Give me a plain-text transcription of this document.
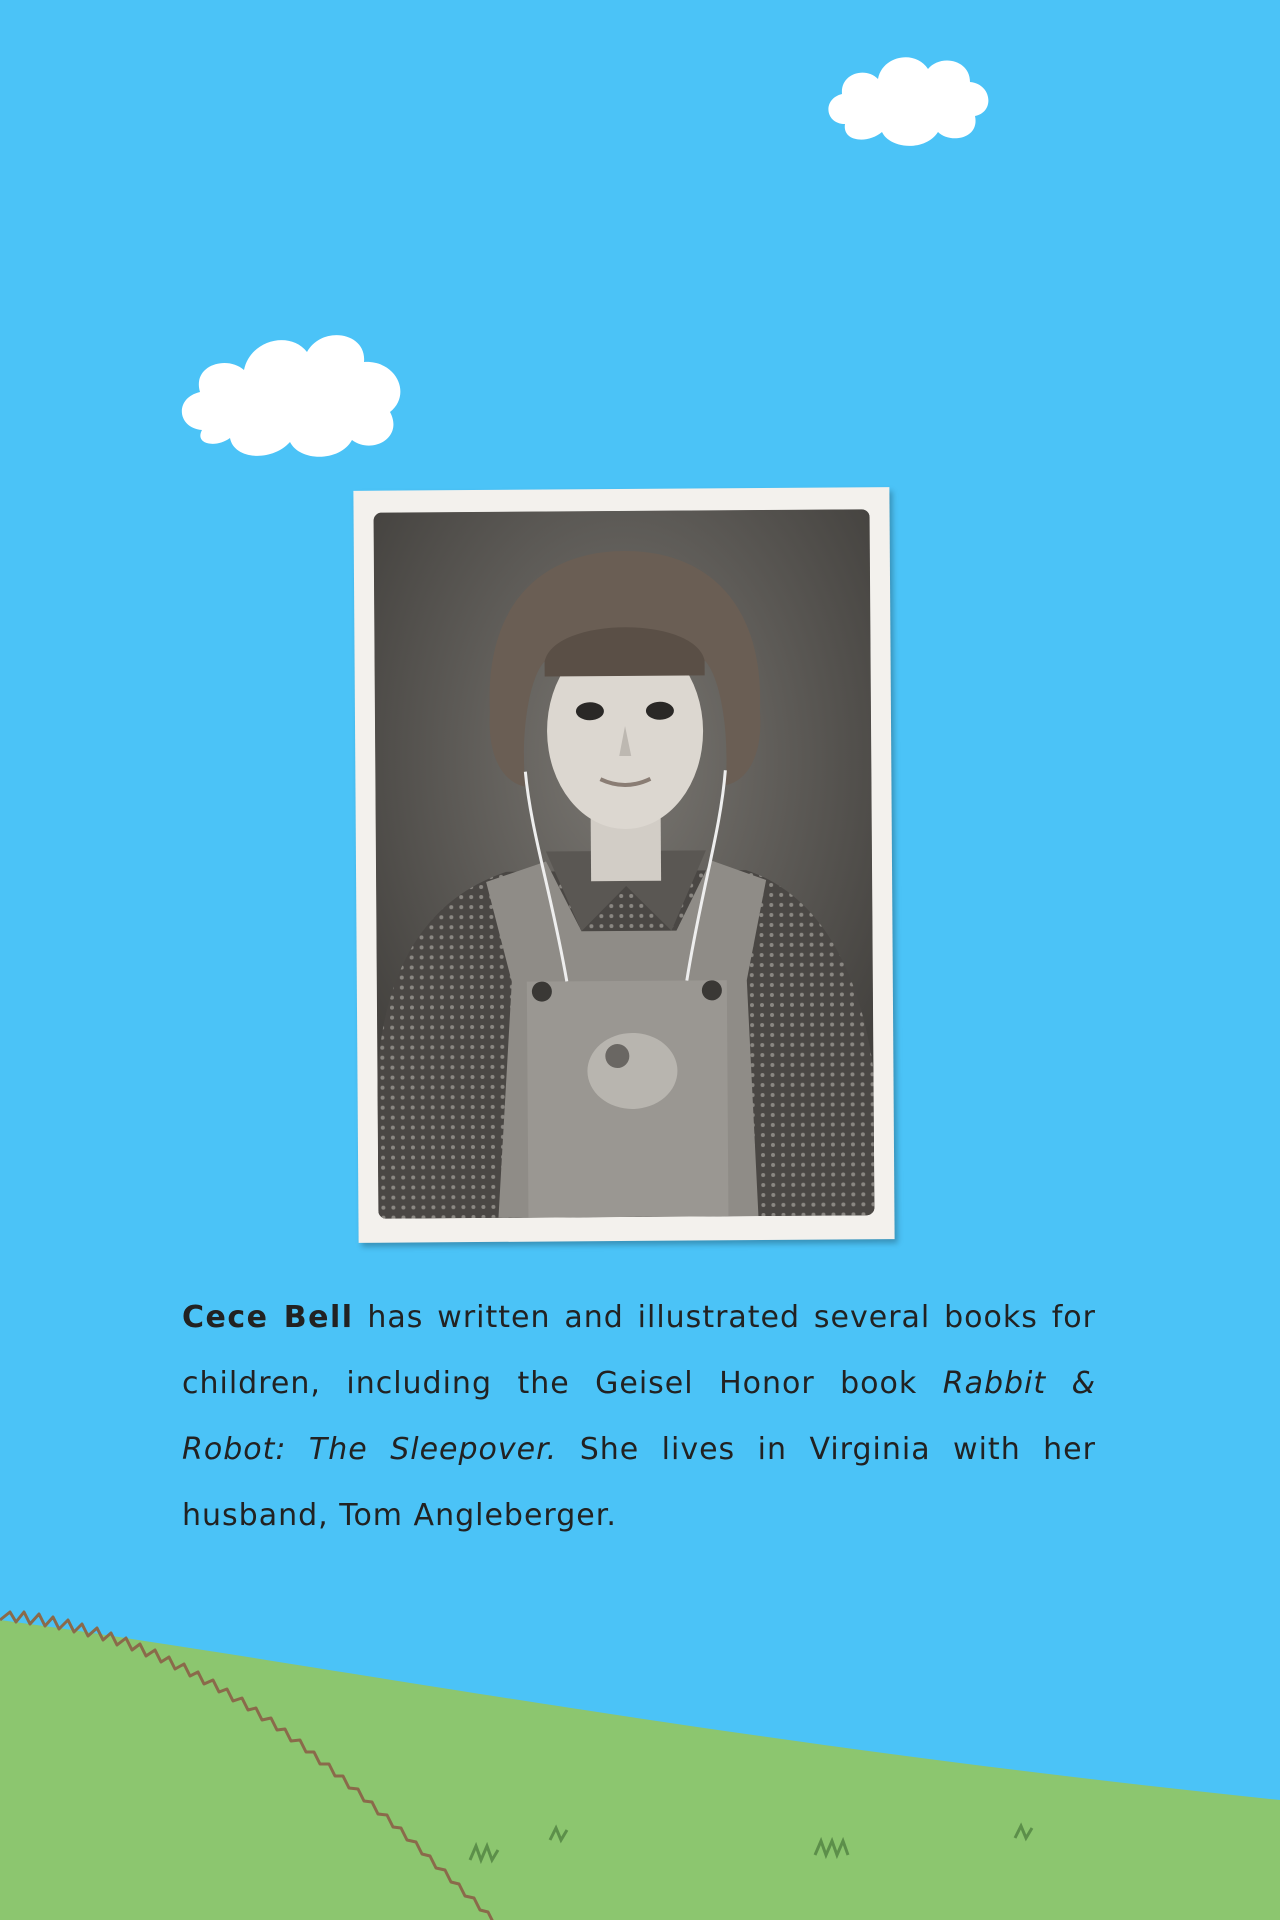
Cece Bell has written and illustrated several books for children, including the Geisel Honor book Rabbit & Robot: The Sleepover. She lives in Virginia with her husband, Tom Angleberger.
